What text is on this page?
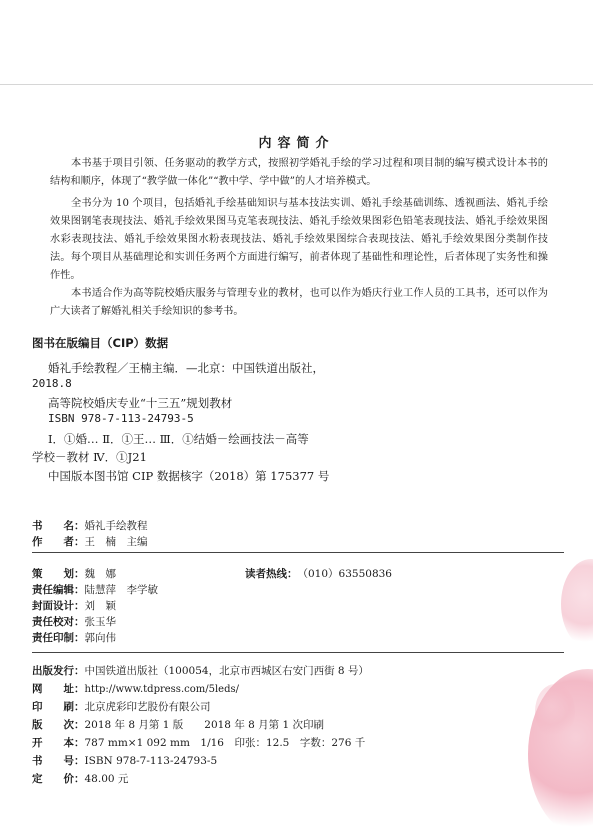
内容简介
本书基于项目引领、任务驱动的教学方式，按照初学婚礼手绘的学习过程和项目制的编写模式设计本书的结构和顺序，体现了“教学做一体化”“教中学、学中做”的人才培养模式。
全书分为 10 个项目，包括婚礼手绘基础知识与基本技法实训、婚礼手绘基础训练、透视画法、婚礼手绘效果图钢笔表现技法、婚礼手绘效果图马克笔表现技法、婚礼手绘效果图彩色铅笔表现技法、婚礼手绘效果图水彩表现技法、婚礼手绘效果图水粉表现技法、婚礼手绘效果图综合表现技法、婚礼手绘效果图分类制作技法。每个项目从基础理论和实训任务两个方面进行编写，前者体现了基础性和理论性，后者体现了实务性和操作性。
本书适合作为高等院校婚庆服务与管理专业的教材，也可以作为婚庆行业工作人员的工具书，还可以作为广大读者了解婚礼相关手绘知识的参考书。
图书在版编目（CIP）数据
婚礼手绘教程／王楠主编．—北京：中国铁道出版社，
2018.8
高等院校婚庆专业“十三五”规划教材
ISBN 978-7-113-24793-5
Ⅰ．①婚… Ⅱ．①王… Ⅲ．①结婚－绘画技法－高等
学校－教材 Ⅳ．①J21
中国版本图书馆 CIP 数据核字（2018）第 175377 号
书　　名：婚礼手绘教程
作　　者：王　楠　主编
策　　划：魏　娜	读者热线：（010）63550836
责任编辑：陆慧萍　李学敏
封面设计：刘　颖
责任校对：张玉华
责任印制：郭向伟
出版发行：中国铁道出版社（100054，北京市西城区右安门西街 8 号）
网　　址：http://www.tdpress.com/5leds/
印　　刷：北京虎彩印艺股份有限公司
版　　次：2018 年 8 月第 1 版　　2018 年 8 月第 1 次印刷
开　　本：787 mm×1 092 mm　1/16　印张：12.5　字数：276 千
书　　号：ISBN 978-7-113-24793-5
定　　价：48.00 元
